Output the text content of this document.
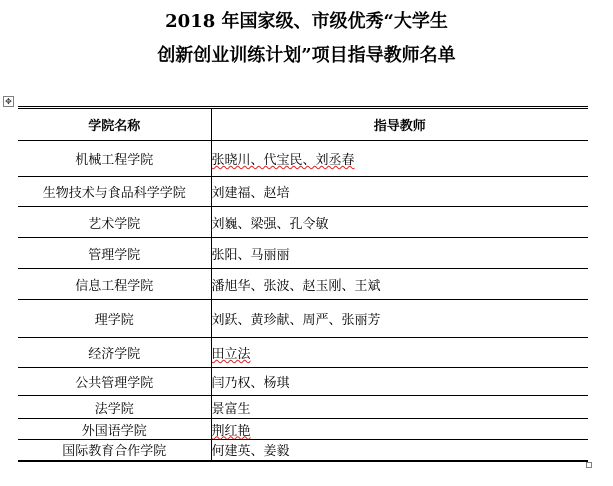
2018 年国家级、市级优秀“大学生
创新创业训练计划”项目指导教师名单
✥
学院名称	指导教师
机械工程学院	张晓川、代宝民、刘丞春
生物技术与食品科学学院	刘建福、赵培
艺术学院	刘巍、梁强、孔令敏
管理学院	张阳、马丽丽
信息工程学院	潘旭华、张波、赵玉刚、王斌
理学院	刘跃、黄珍献、周严、张丽芳
经济学院	田立法
公共管理学院	闫乃权、杨琪
法学院	景富生
外国语学院	荆红艳
国际教育合作学院	何建英、姜毅
